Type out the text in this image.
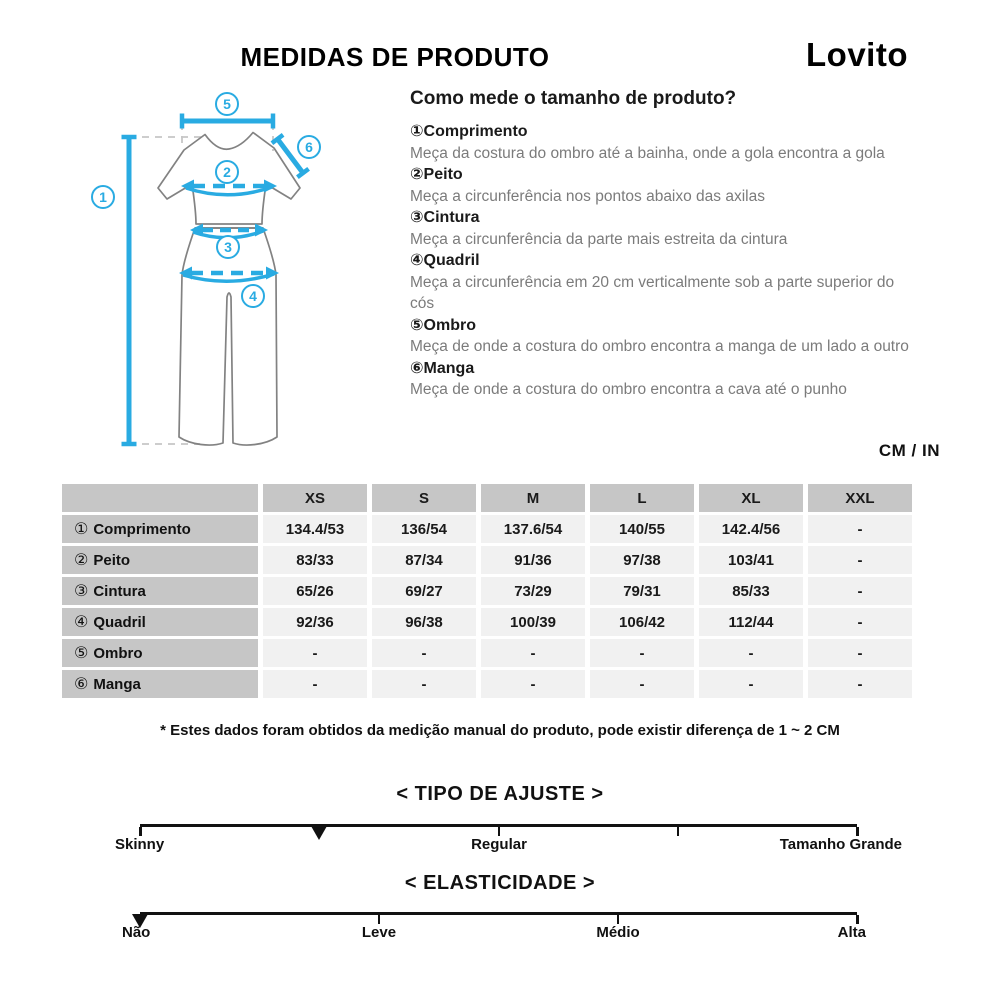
MEDIDAS DE PRODUTO	Lovito
1
2
3
4
5
6
Como mede o tamanho de produto?
①Comprimento
Meça da costura do ombro até a bainha, onde a gola encontra a gola
②Peito
Meça a circunferência nos pontos abaixo das axilas
③Cintura
Meça a circunferência da parte mais estreita da cintura
④Quadril
Meça a circunferência em 20 cm verticalmente sob a parte superior do cós
⑤Ombro
Meça de onde a costura do ombro encontra a manga de um lado a outro
⑥Manga
Meça de onde a costura do ombro encontra a cava até o punho
CM / IN
	XS	S	M	L	XL	XXL
① Comprimento	134.4/53	136/54	137.6/54	140/55	142.4/56	-
② Peito	83/33	87/34	91/36	97/38	103/41	-
③ Cintura	65/26	69/27	73/29	79/31	85/33	-
④ Quadril	92/36	96/38	100/39	106/42	112/44	-
⑤ Ombro	-	-	-	-	-	-
⑥ Manga	-	-	-	-	-	-
* Estes dados foram obtidos da medição manual do produto, pode existir diferença de 1 ~ 2 CM
< TIPO DE AJUSTE >
Skinny	Regular	Tamanho Grande
< ELASTICIDADE >
Não	Leve	Médio	Alta
